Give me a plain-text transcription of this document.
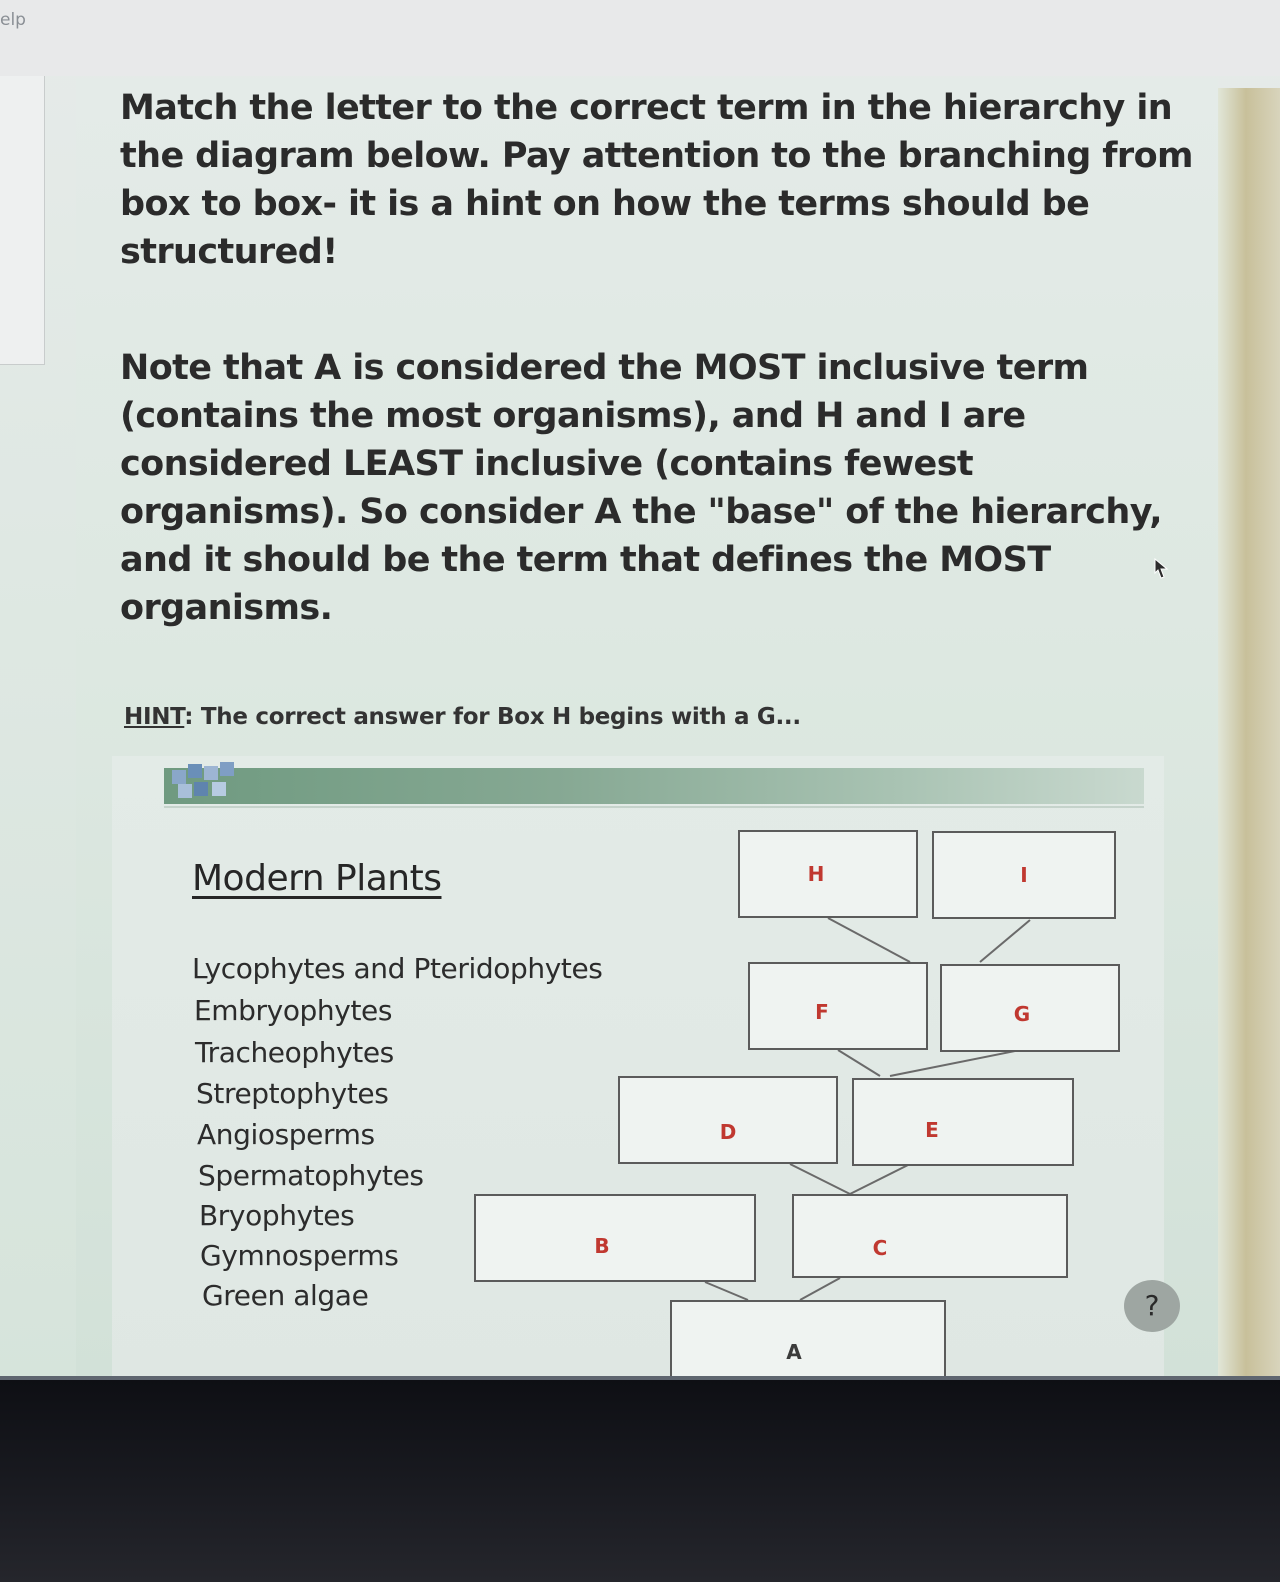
elp

Match the letter to the correct term in the hierarchy in the diagram below. Pay attention to the branching from box to box- it is a hint on how the terms should be structured!

Note that A is considered the MOST inclusive term (contains the most organisms), and H and I are considered LEAST inclusive (contains fewest organisms). So consider A the "base" of the hierarchy, and it should be the term that defines the MOST organisms.

HINT: The correct answer for Box H begins with a G...
Modern Plants
Lycophytes and Pteridophytes
Embryophytes
Tracheophytes
Streptophytes
Angiosperms
Spermatophytes
Bryophytes
Gymnosperms
Green algae
H	I
F	G
D	E
B	C
A
?
